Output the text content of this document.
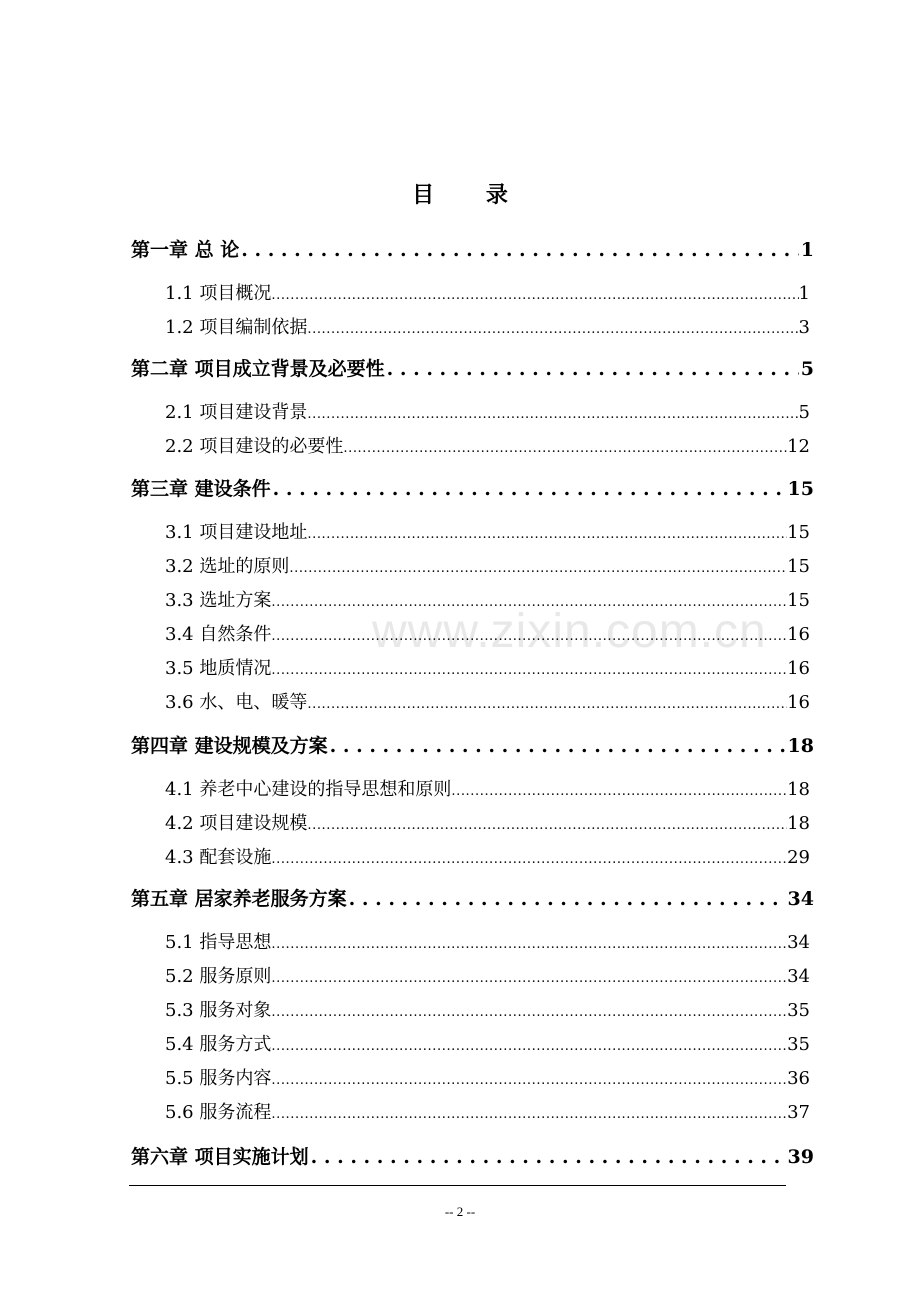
目 录
www.zixin.com.cn
第一章 总 论 . . .	1
1.1 项目概况 .....	1
1.2 项目编制依据 .....	3
第二章 项目成立背景及必要性 . . .	5
2.1 项目建设背景 .....	5
2.2 项目建设的必要性 .....	12
第三章 建设条件 . . .	15
3.1 项目建设地址 .....	15
3.2 选址的原则 .....	15
3.3 选址方案 .....	15
3.4 自然条件 .....	16
3.5 地质情况 .....	16
3.6 水、电、暖等 .....	16
第四章 建设规模及方案 . . .	18
4.1 养老中心建设的指导思想和原则 .....	18
4.2 项目建设规模 .....	18
4.3 配套设施 .....	29
第五章 居家养老服务方案 . . .	34
5.1 指导思想 .....	34
5.2 服务原则 .....	34
5.3 服务对象 .....	35
5.4 服务方式 .....	35
5.5 服务内容 .....	36
5.6 服务流程 .....	37
第六章 项目实施计划 . . .	39
-- 2 --
